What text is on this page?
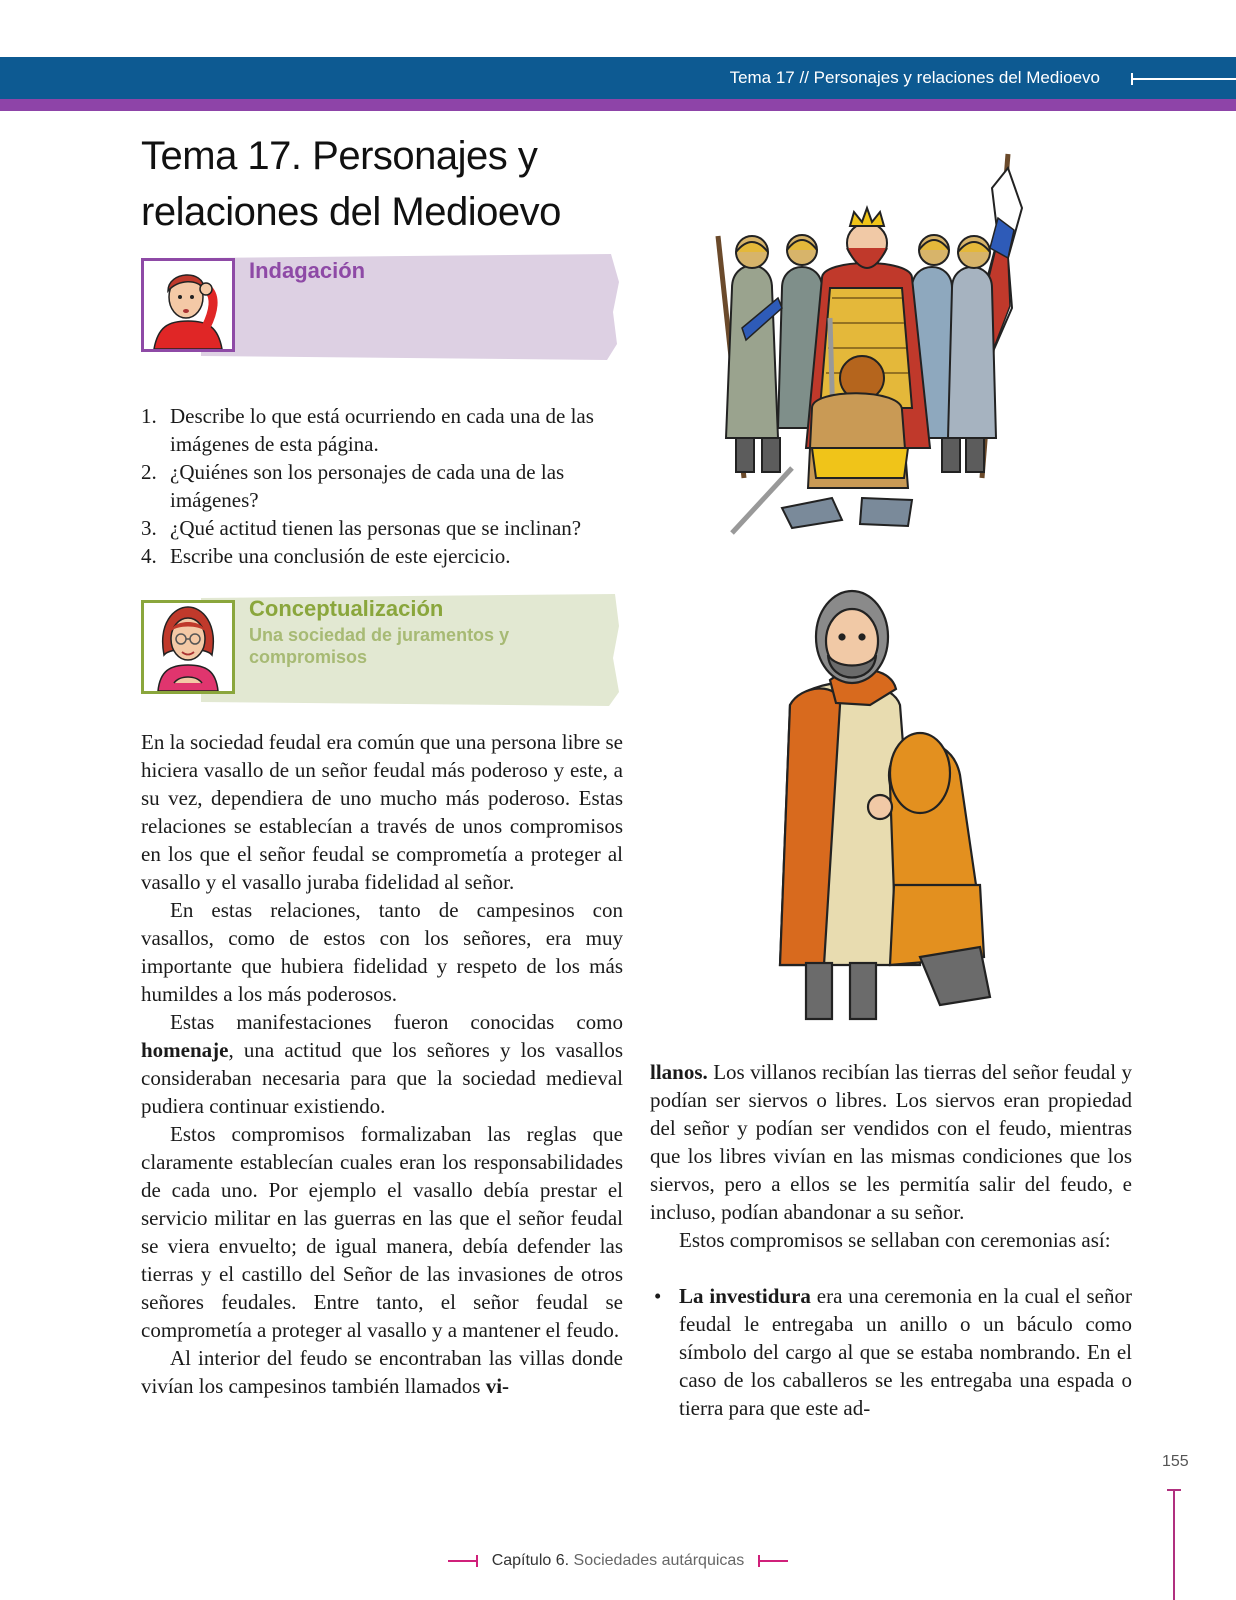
Tema 17 // Personajes y relaciones del Medioevo
Tema 17. Personajes y relaciones del Medioevo
Indagación
1. Describe lo que está ocurriendo en cada una de las imágenes de esta página.
2. ¿Quiénes son los personajes de cada una de las imágenes?
3. ¿Qué actitud tienen las personas que se inclinan?
4. Escribe una conclusión de este ejercicio.
Conceptualización
Una sociedad de juramentos y compromisos

En la sociedad feudal era común que una persona libre se hiciera vasallo de un señor feudal más poderoso y este, a su vez, dependiera de uno mucho más poderoso. Estas relaciones se establecían a través de unos compromisos en los que el señor feudal se comprometía a proteger al vasallo y el vasallo juraba fidelidad al señor.

En estas relaciones, tanto de campesinos con vasallos, como de estos con los señores, era muy importante que hubiera fidelidad y respeto de los más humildes a los más poderosos.

Estas manifestaciones fueron conocidas como homenaje, una actitud que los señores y los vasallos consideraban necesaria para que la sociedad medieval pudiera continuar existiendo.

Estos compromisos formalizaban las reglas que claramente establecían cuales eran los responsabilidades de cada uno. Por ejemplo el vasallo debía prestar el servicio militar en las guerras en las que el señor feudal se viera envuelto; de igual manera, debía defender las tierras y el castillo del Señor de las invasiones de otros señores feudales. Entre tanto, el señor feudal se comprometía a proteger al vasallo y a mantener el feudo.

Al interior del feudo se encontraban las villas donde vivían los campesinos también llamados vi-

llanos. Los villanos recibían las tierras del señor feudal y podían ser siervos o libres. Los siervos eran propiedad del señor y podían ser vendidos con el feudo, mientras que los libres vivían en las mismas condiciones que los siervos, pero a ellos se les permitía salir del feudo, e incluso, podían abandonar a su señor.

Estos compromisos se sellaban con ceremonias así:

• La investidura era una ceremonia en la cual el señor feudal le entregaba un anillo o un báculo como símbolo del cargo al que se estaba nombrando. En el caso de los caballeros se les entregaba una espada o tierra para que este ad-

155
Capítulo 6. Sociedades autárquicas
